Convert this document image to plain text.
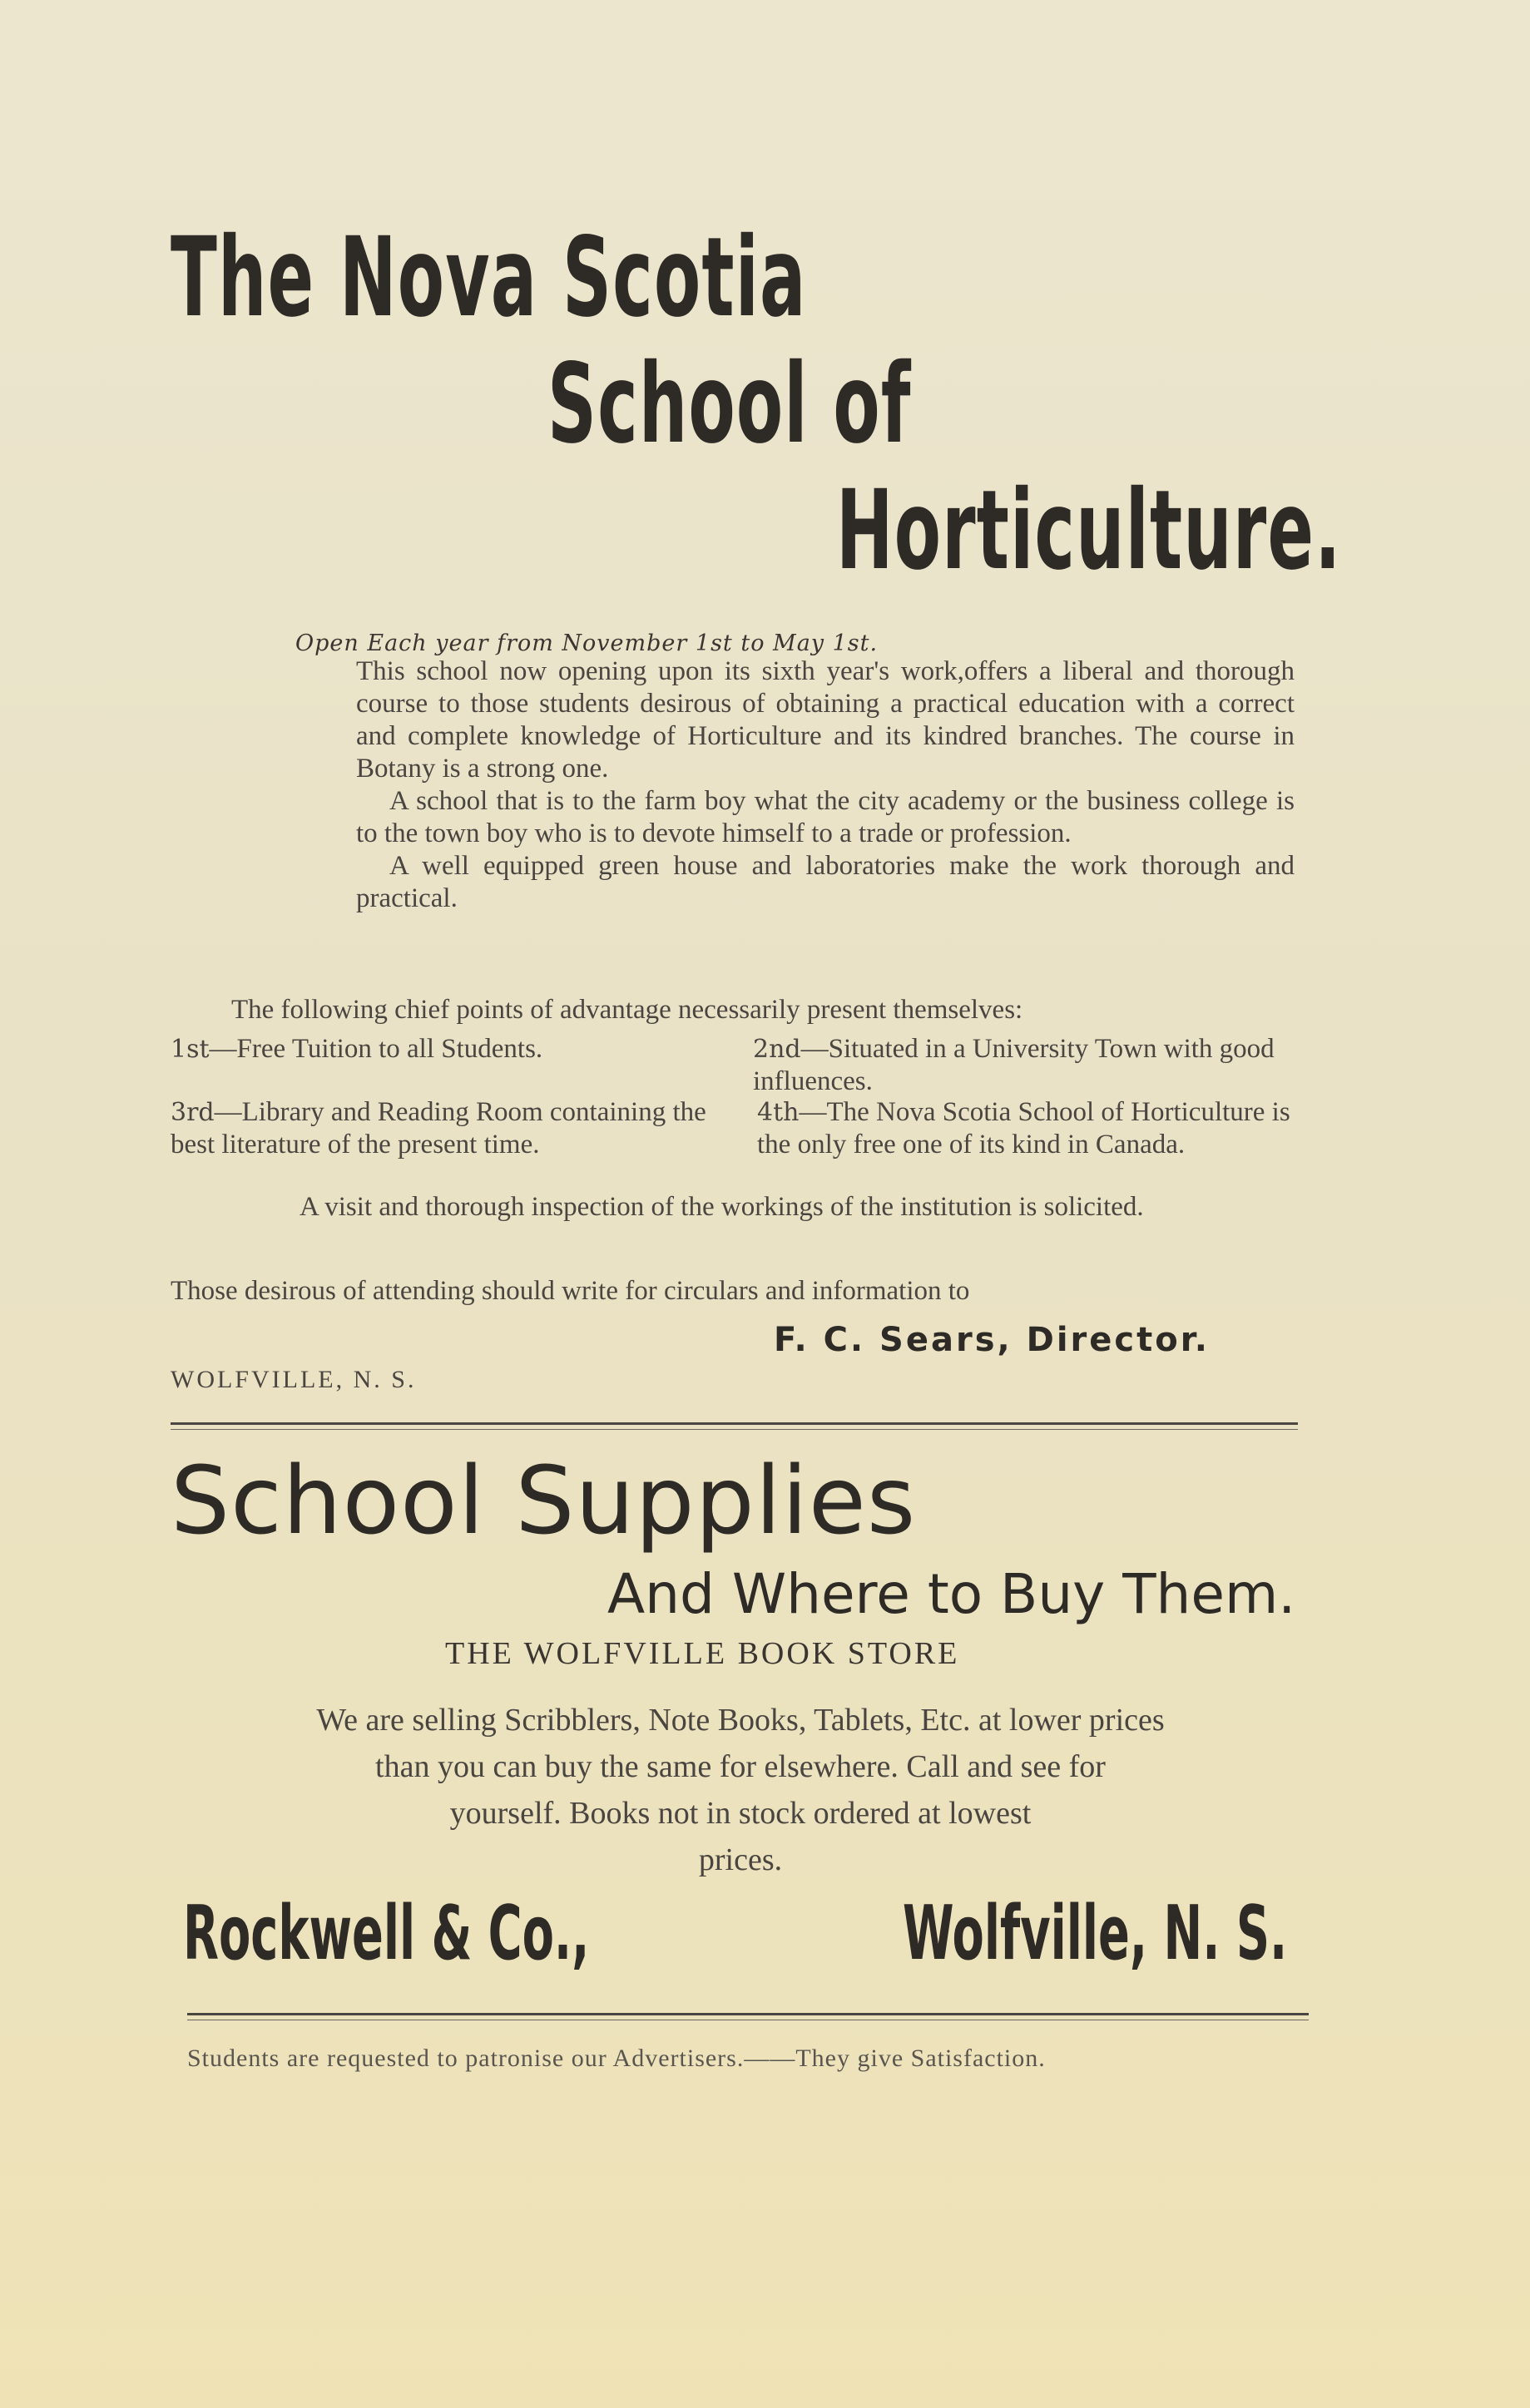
The Nova Scotia
School of
Horticulture.
Open Each year from November 1st to May 1st.

This school now opening upon its sixth year's work,offers a liberal and thorough course to those students desirous of obtaining a practical education with a correct and complete knowledge of Horticulture and its kindred branches. The course in Botany is a strong one.

A school that is to the farm boy what the city academy or the business college is to the town boy who is to devote himself to a trade or profession.

A well equipped green house and laboratories make the work thorough and practical.

The following chief points of advantage necessarily present themselves:
1st—Free Tuition to all Students.	2nd—Situated in a University Town with good influences.
3rd—Library and Reading Room containing the best literature of the present time.
4th—The Nova Scotia School of Horticulture is the only free one of its kind in Canada.
A visit and thorough inspection of the workings of the institution is solicited.
Those desirous of attending should write for circulars and information to
F. C. Sears, Director.
WOLFVILLE, N. S.
School Supplies
And Where to Buy Them.
THE WOLFVILLE BOOK STORE
We are selling Scribblers, Note Books, Tablets, Etc. at lower prices
than you can buy the same for elsewhere. Call and see for
yourself. Books not in stock ordered at lowest
prices.
Rockwell & Co.,	Wolfville, N. S.
Students are requested to patronise our Advertisers.——They give Satisfaction.
